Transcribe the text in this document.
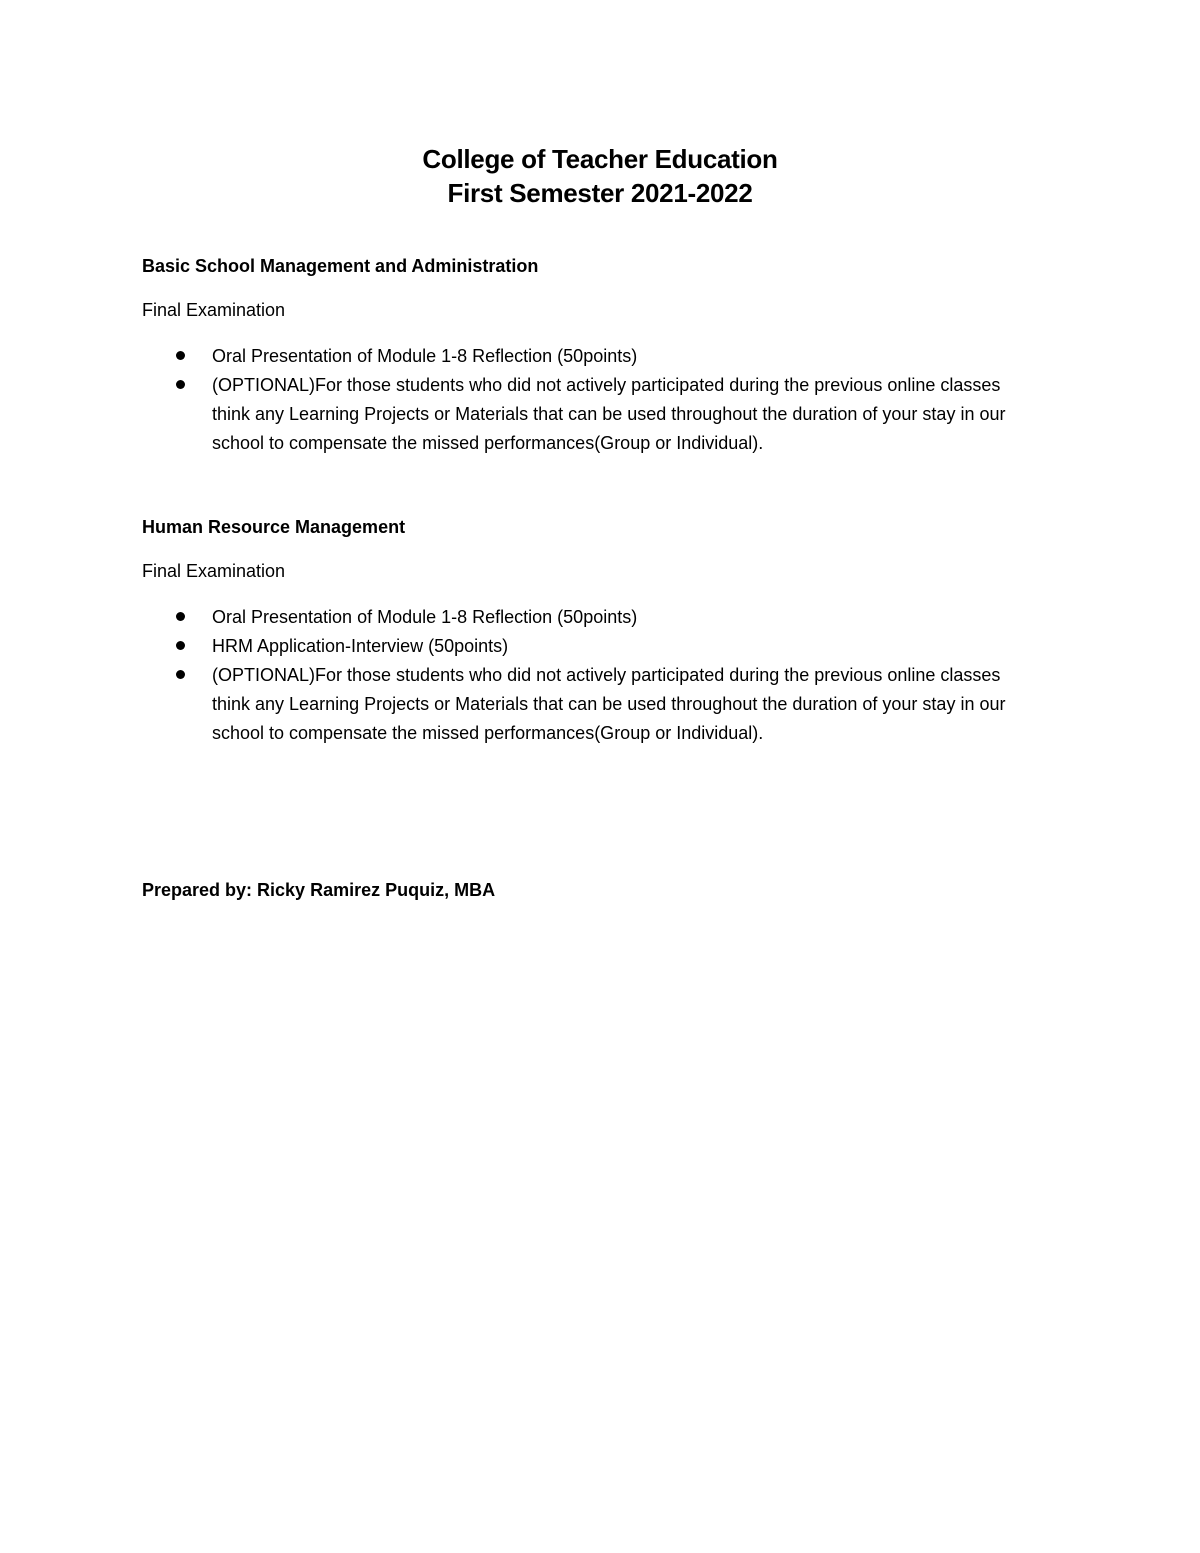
College of Teacher Education
First Semester 2021-2022

Basic School Management and Administration

Final Examination

Oral Presentation of Module 1-8 Reflection (50points)
(OPTIONAL)For those students who did not actively participated during the previous online classes think any Learning Projects or Materials that can be used throughout the duration of your stay in our school to compensate the missed performances(Group or Individual).

Human Resource Management

Final Examination

Oral Presentation of Module 1-8 Reflection (50points)
HRM Application-Interview (50points)
(OPTIONAL)For those students who did not actively participated during the previous online classes think any Learning Projects or Materials that can be used throughout the duration of your stay in our school to compensate the missed performances(Group or Individual).
Prepared by: Ricky Ramirez Puquiz, MBA
